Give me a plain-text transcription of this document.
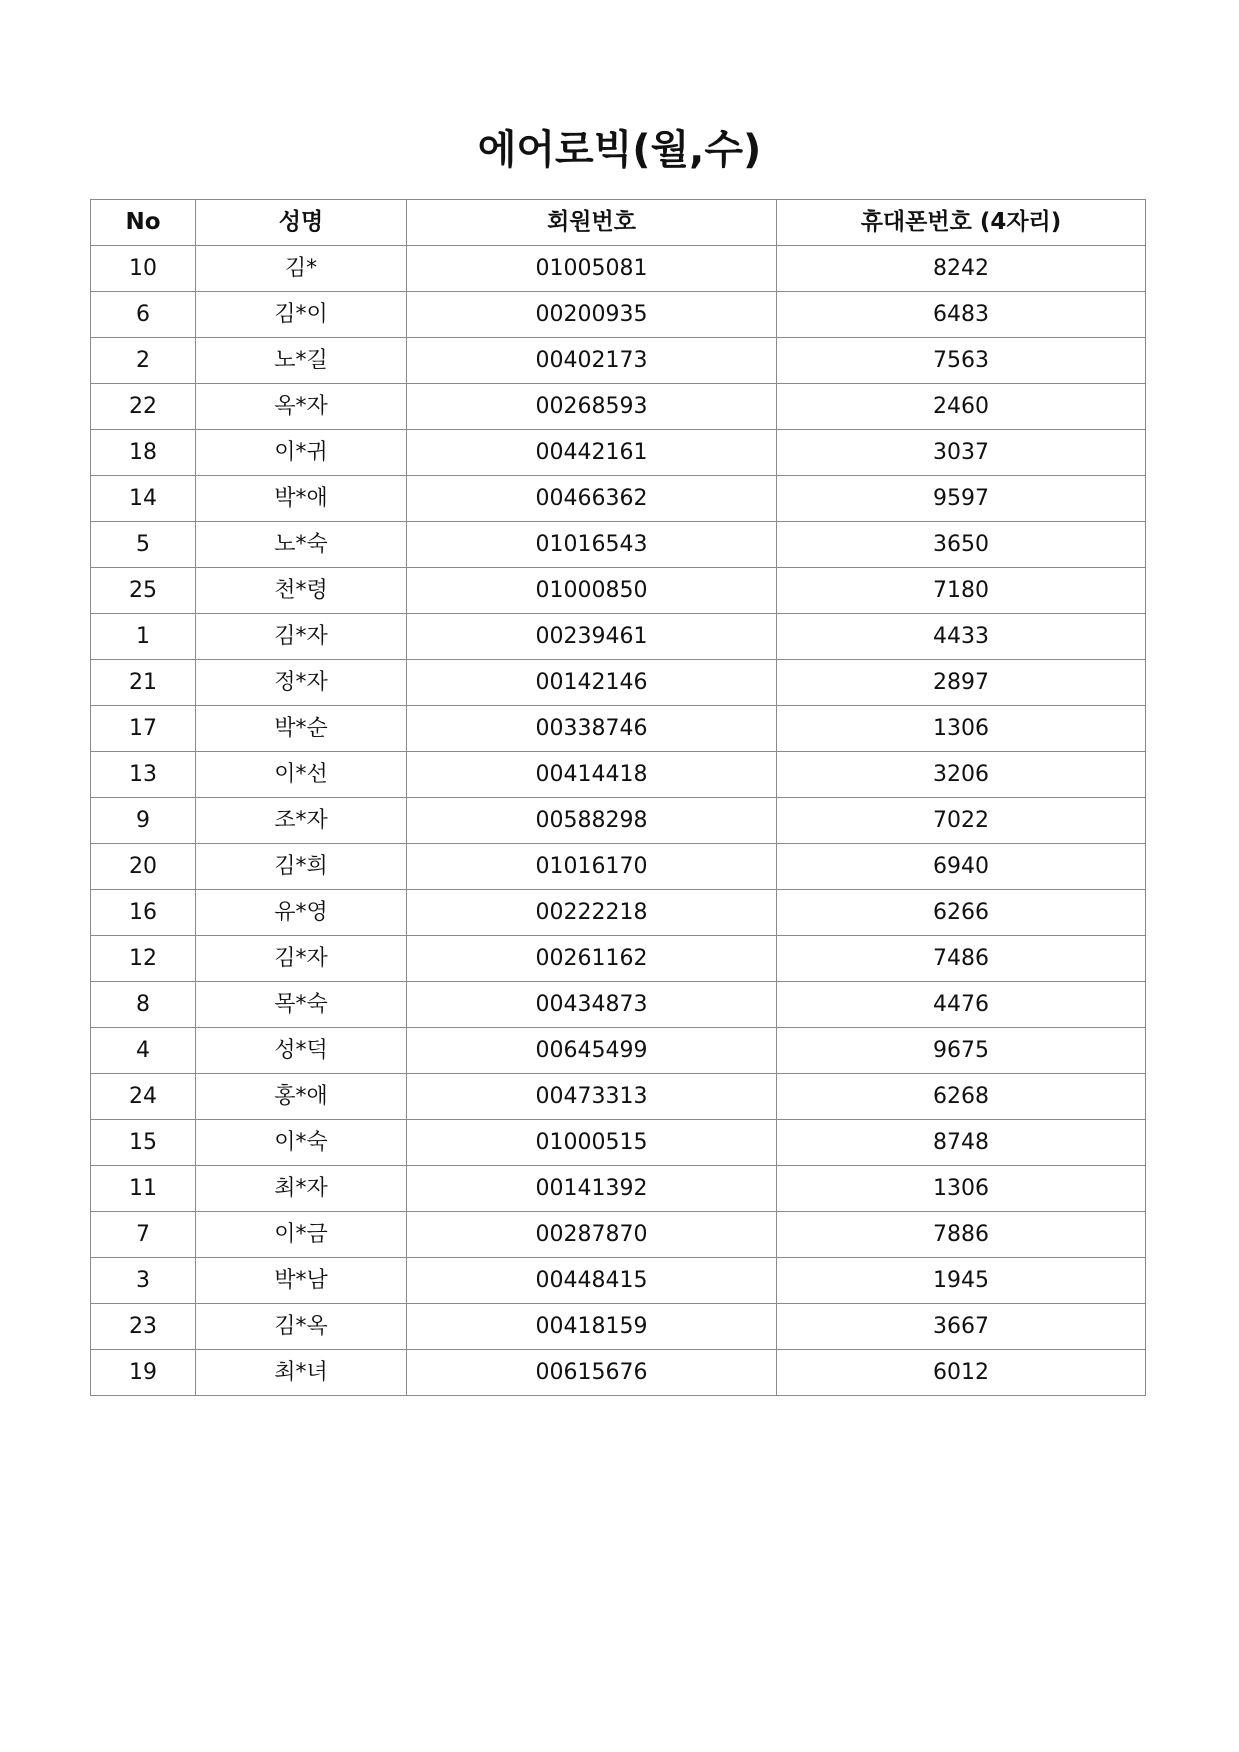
에어로빅(월,수)
No	성명	회원번호	휴대폰번호 (4자리)
10	김*	01005081	8242
6	김*이	00200935	6483
2	노*길	00402173	7563
22	옥*자	00268593	2460
18	이*귀	00442161	3037
14	박*애	00466362	9597
5	노*숙	01016543	3650
25	천*령	01000850	7180
1	김*자	00239461	4433
21	정*자	00142146	2897
17	박*순	00338746	1306
13	이*선	00414418	3206
9	조*자	00588298	7022
20	김*희	01016170	6940
16	유*영	00222218	6266
12	김*자	00261162	7486
8	목*숙	00434873	4476
4	성*덕	00645499	9675
24	홍*애	00473313	6268
15	이*숙	01000515	8748
11	최*자	00141392	1306
7	이*금	00287870	7886
3	박*남	00448415	1945
23	김*옥	00418159	3667
19	최*녀	00615676	6012
